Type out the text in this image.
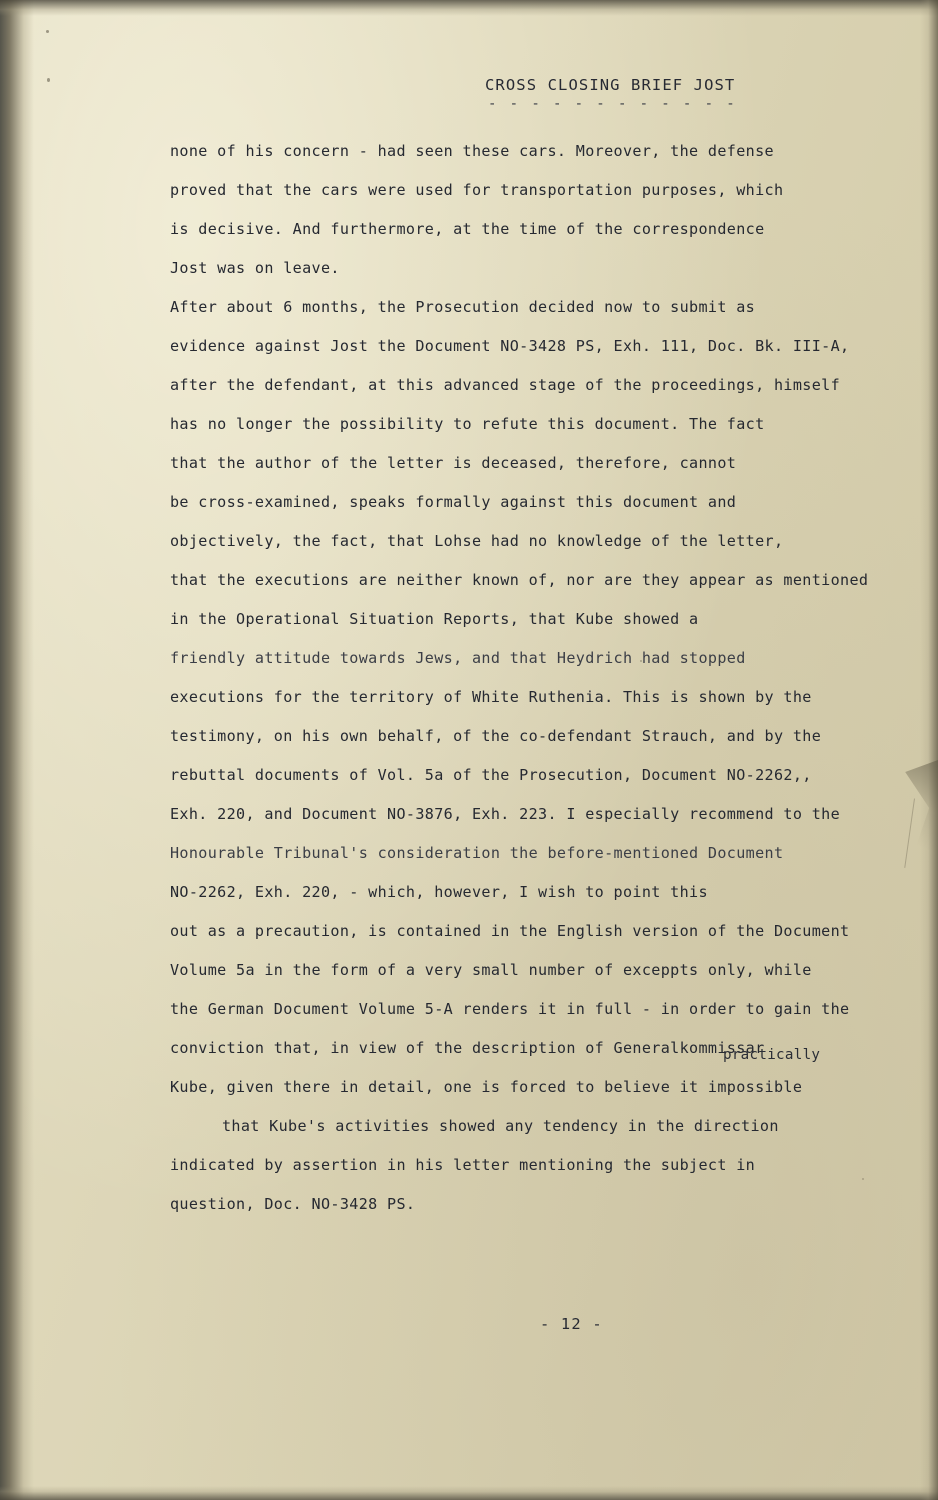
CROSS CLOSING BRIEF JOST
- - - - - - - - - - - -
none of his concern - had seen these cars. Moreover, the defense
proved that the cars were used for transportation purposes, which
is decisive. And furthermore, at the time of the correspondence
Jost was on leave.
After about 6 months, the Prosecution decided now to submit as
evidence against Jost the Document NO-3428 PS, Exh. 111, Doc. Bk. III-A,
after the defendant, at this advanced stage of the proceedings, himself
has no longer the possibility to refute this document. The fact
that the author of the letter is deceased, therefore, cannot
be cross-examined, speaks formally against this document and
objectively, the fact, that Lohse had no knowledge of the letter,
that the executions are neither known of, nor are they appear as mentioned
in the Operational Situation Reports, that Kube showed a
friendly attitude towards Jews, and that Heydrich had stopped
executions for the territory of White Ruthenia. This is shown by the
testimony, on his own behalf, of the co-defendant Strauch, and by the
rebuttal documents of Vol. 5a of the Prosecution, Document NO-2262,,
Exh. 220, and Document NO-3876, Exh. 223. I especially recommend to the
Honourable Tribunal's consideration the before-mentioned Document
NO-2262, Exh. 220, - which, however, I wish to point this
out as a precaution, is contained in the English version of the Document
Volume 5a in the form of a very small number of exceppts only, while
the German Document Volume 5-A renders it in full - in order to gain the
conviction that, in view of the description of Generalkommissar
Kube, given there in detail, one is forced to believe it impossible
that Kube's activities showed any tendency in the direction
indicated by assertion in his letter mentioning the subject in
question, Doc. NO-3428 PS.
practically
- 12 -
